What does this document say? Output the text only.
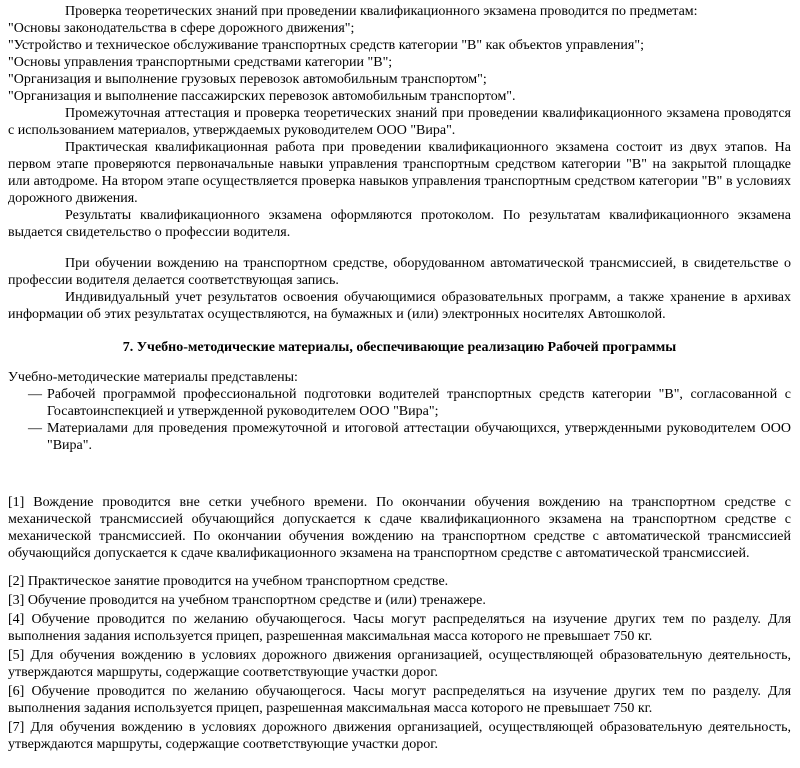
Проверка теоретических знаний при проведении квалификационного экзамена проводится по предметам:

"Основы законодательства в сфере дорожного движения";
"Устройство и техническое обслуживание транспортных средств категории "В" как объектов управления";
"Основы управления транспортными средствами категории "В";
"Организация и выполнение грузовых перевозок автомобильным транспортом";
"Организация и выполнение пассажирских перевозок автомобильным транспортом".

Промежуточная аттестация и проверка теоретических знаний при проведении квалификационного экзамена проводятся с использованием материалов, утверждаемых руководителем ООО "Вира".

Практическая квалификационная работа при проведении квалификационного экзамена состоит из двух этапов. На первом этапе проверяются первоначальные навыки управления транспортным средством категории "В" на закрытой площадке или автодроме. На втором этапе осуществляется проверка навыков управления транспортным средством категории "В" в условиях дорожного движения.

Результаты квалификационного экзамена оформляются протоколом. По результатам квалификационного экзамена выдается свидетельство о профессии водителя.

При обучении вождению на транспортном средстве, оборудованном автоматической трансмиссией, в свидетельстве о профессии водителя делается соответствующая запись.

Индивидуальный учет результатов освоения обучающимися образовательных программ, а также хранение в архивах информации об этих результатах осуществляются, на бумажных и (или) электронных носителях Автошколой.

7. Учебно-методические материалы, обеспечивающие реализацию Рабочей программы

Учебно-методические материалы представлены:

— Рабочей программой профессиональной подготовки водителей транспортных средств категории "В", согласованной с Госавтоинспекцией и утвержденной руководителем ООО "Вира";
— Материалами для проведения промежуточной и итоговой аттестации обучающихся, утвержденными руководителем ООО "Вира".

[1] Вождение проводится вне сетки учебного времени. По окончании обучения вождению на транспортном средстве с механической трансмиссией обучающийся допускается к сдаче квалификационного экзамена на транспортном средстве с механической трансмиссией. По окончании обучения вождению на транспортном средстве с автоматической трансмиссией обучающийся допускается к сдаче квалификационного экзамена на транспортном средстве с автоматической трансмиссией.

[2] Практическое занятие проводится на учебном транспортном средстве.

[3] Обучение проводится на учебном транспортном средстве и (или) тренажере.

[4] Обучение проводится по желанию обучающегося. Часы могут распределяться на изучение других тем по разделу. Для выполнения задания используется прицеп, разрешенная максимальная масса которого не превышает 750 кг.

[5] Для обучения вождению в условиях дорожного движения организацией, осуществляющей образовательную деятельность, утверждаются маршруты, содержащие соответствующие участки дорог.

[6] Обучение проводится по желанию обучающегося. Часы могут распределяться на изучение других тем по разделу. Для выполнения задания используется прицеп, разрешенная максимальная масса которого не превышает 750 кг.

[7] Для обучения вождению в условиях дорожного движения организацией, осуществляющей образовательную деятельность, утверждаются маршруты, содержащие соответствующие участки дорог.
